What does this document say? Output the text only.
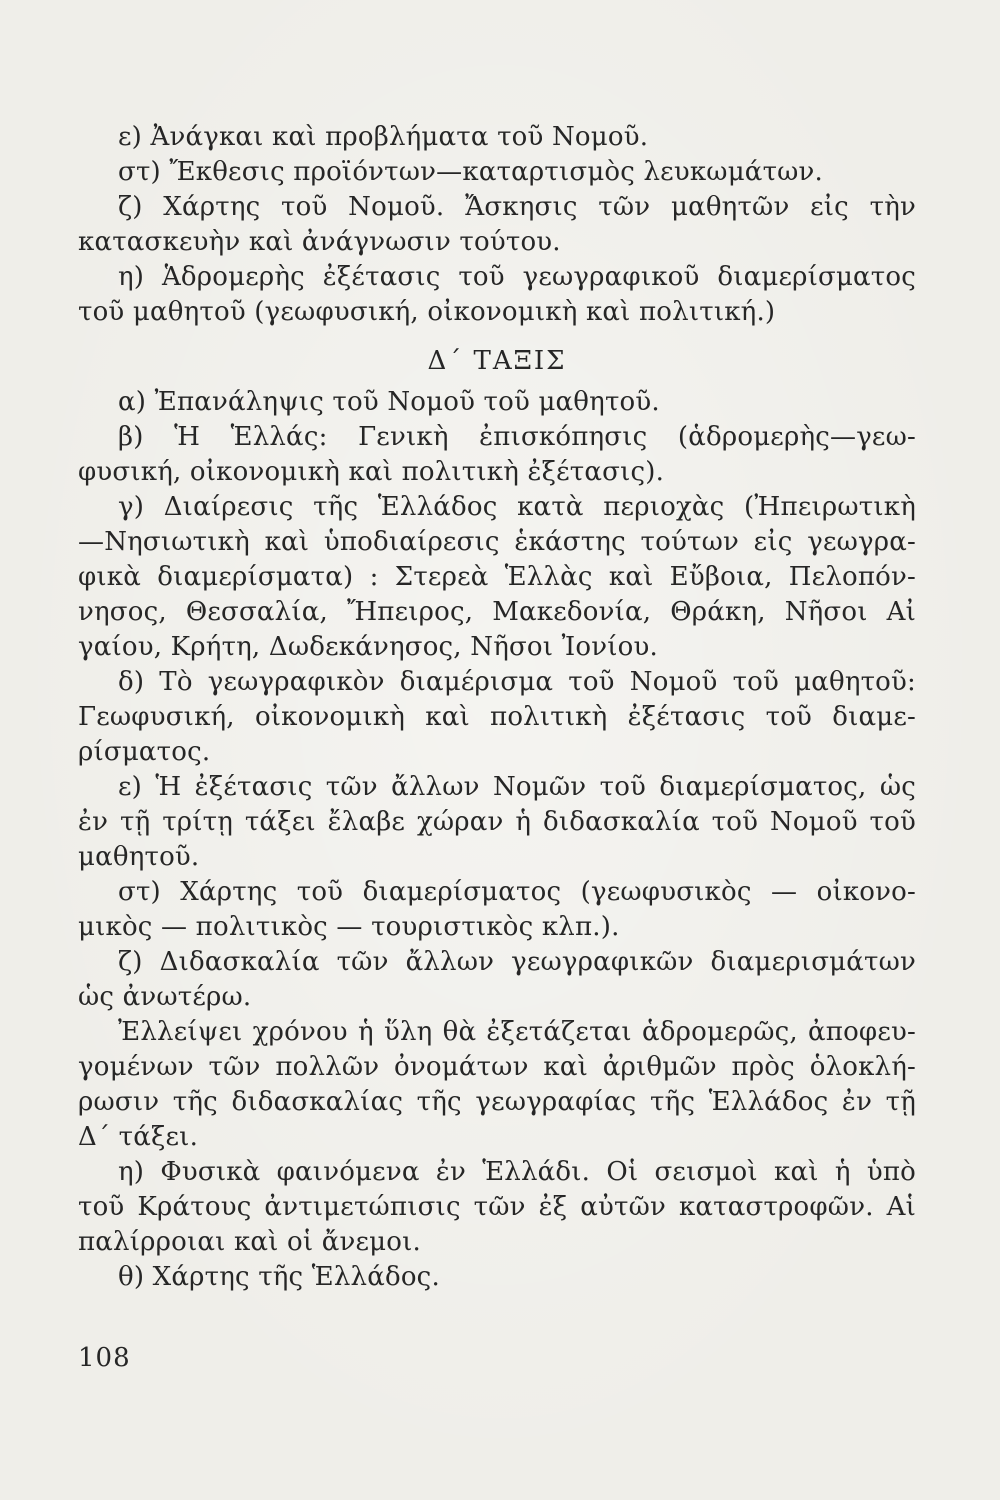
ε) Ἀνάγκαι καὶ προβλήματα τοῦ Νομοῦ.
στ) Ἔκθεσις προϊόντων—καταρτισμὸς λευκωμάτων.
ζ) Χάρτης τοῦ Νομοῦ. Ἄσκησις τῶν μαθητῶν εἰς τὴν
κατασκευὴν καὶ ἀνάγνωσιν τούτου.
η) Ἁδρομερὴς ἐξέτασις τοῦ γεωγραφικοῦ διαμερίσματος
τοῦ μαθητοῦ (γεωφυσική, οἰκονομικὴ καὶ πολιτική.)
Δ΄ ΤΑΞΙΣ
α) Ἐπανάληψις τοῦ Νομοῦ τοῦ μαθητοῦ.
β) Ἡ Ἑλλάς: Γενικὴ ἐπισκόπησις (ἁδρομερὴς—γεω-
φυσική, οἰκονομικὴ καὶ πολιτικὴ ἐξέτασις).
γ) Διαίρεσις τῆς Ἑλλάδος κατὰ περιοχὰς (Ἠπειρωτικὴ
—Νησιωτικὴ καὶ ὑποδιαίρεσις ἑκάστης τούτων εἰς γεωγρα-
φικὰ διαμερίσματα) : Στερεὰ Ἑλλὰς καὶ Εὔβοια, Πελοπόν-
νησος, Θεσσαλία, Ἤπειρος, Μακεδονία, Θράκη, Νῆσοι Αἰ
γαίου, Κρήτη, Δωδεκάνησος, Νῆσοι Ἰονίου.
δ) Τὸ γεωγραφικὸν διαμέρισμα τοῦ Νομοῦ τοῦ μαθητοῦ:
Γεωφυσική, οἰκονομικὴ καὶ πολιτικὴ ἐξέτασις τοῦ διαμε-
ρίσματος.
ε) Ἡ ἐξέτασις τῶν ἄλλων Νομῶν τοῦ διαμερίσματος, ὡς
ἐν τῇ τρίτῃ τάξει ἔλαβε χώραν ἡ διδασκαλία τοῦ Νομοῦ τοῦ
μαθητοῦ.
στ) Χάρτης τοῦ διαμερίσματος (γεωφυσικὸς — οἰκονο-
μικὸς — πολιτικὸς — τουριστικὸς κλπ.).
ζ) Διδασκαλία τῶν ἄλλων γεωγραφικῶν διαμερισμάτων
ὡς ἀνωτέρω.
Ἐλλείψει χρόνου ἡ ὕλη θὰ ἐξετάζεται ἁδρομερῶς, ἀποφευ-
γομένων τῶν πολλῶν ὀνομάτων καὶ ἀριθμῶν πρὸς ὁλοκλή-
ρωσιν τῆς διδασκαλίας τῆς γεωγραφίας τῆς Ἑλλάδος ἐν τῇ
Δ΄ τάξει.
η) Φυσικὰ φαινόμενα ἐν Ἑλλάδι. Οἱ σεισμοὶ καὶ ἡ ὑπὸ
τοῦ Κράτους ἀντιμετώπισις τῶν ἐξ αὐτῶν καταστροφῶν. Αἱ
παλίρροιαι καὶ οἱ ἄνεμοι.
θ) Χάρτης τῆς Ἑλλάδος.
108
